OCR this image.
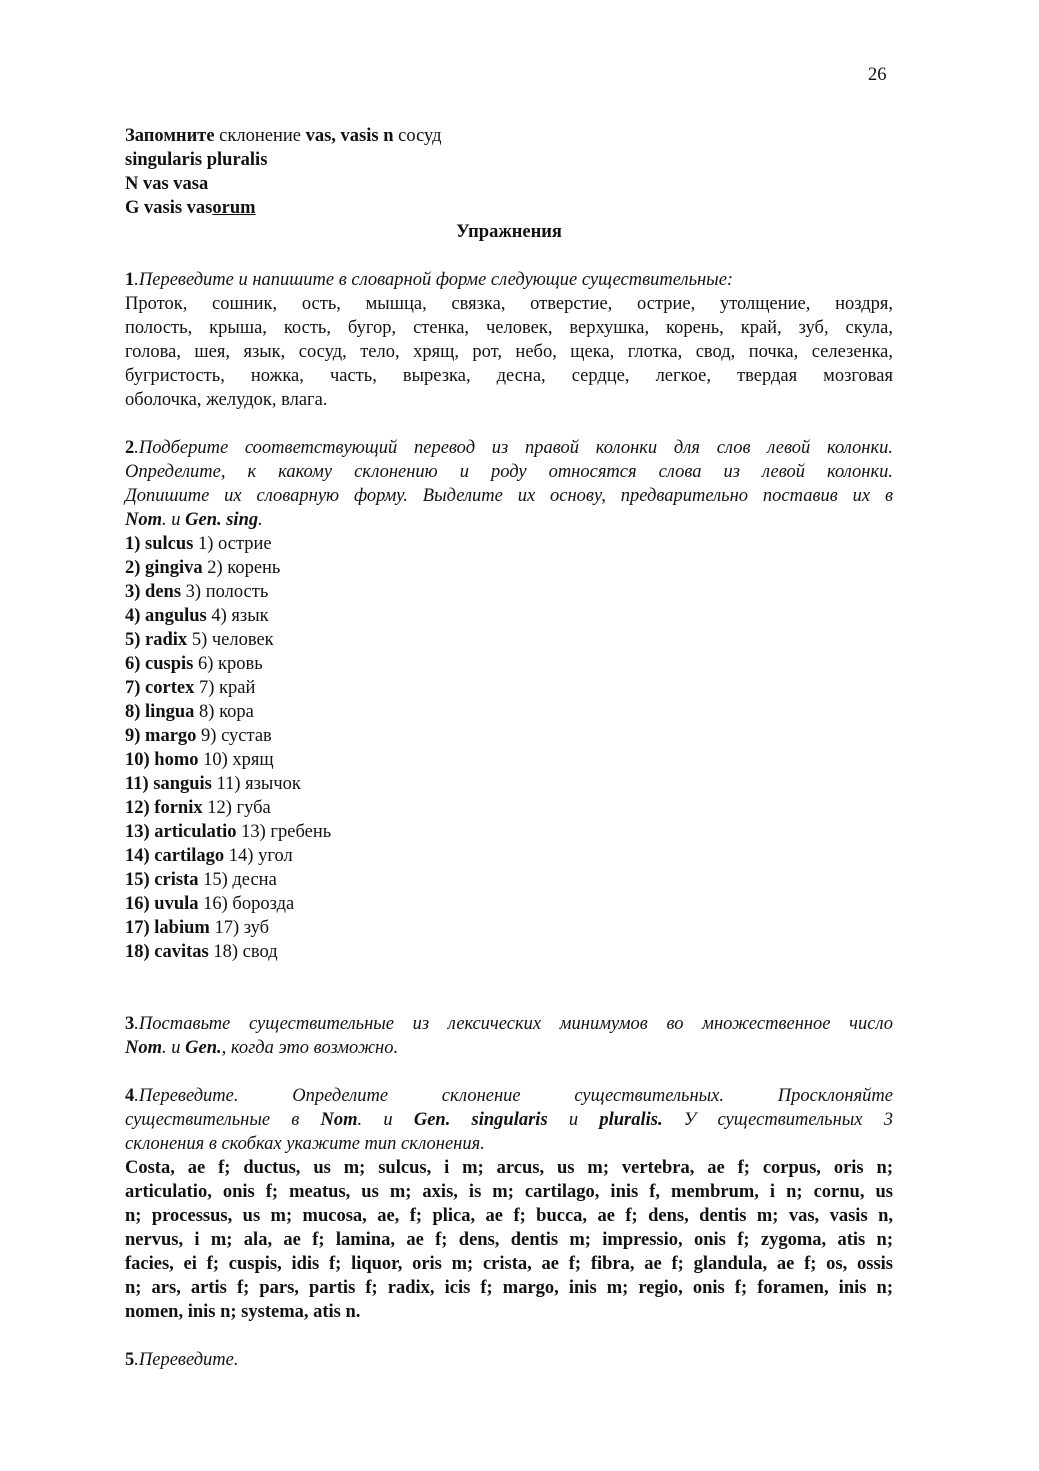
26

Запомните склонение vas, vasis n сосуд

singularis pluralis

N vas vasa

G vasis vasorum

Упражнения

1.Переведите и напишите в словарной форме следующие существительные:

Проток, сошник, ость, мышца, связка, отверстие, острие, утолщение, ноздря,

полость, крыша, кость, бугор, стенка, человек, верхушка, корень, край, зуб, скула,

голова, шея, язык, сосуд, тело, хрящ, рот, небо, щека, глотка, свод, почка, селезенка,

бугристость, ножка, часть, вырезка, десна, сердце, легкое, твердая мозговая

оболочка, желудок, влага.

2.Подберите соответствующий перевод из правой колонки для слов левой колонки.

Определите, к какому склонению и роду относятся слова из левой колонки.

Допишите их словарную форму. Выделите их основу, предварительно поставив их в

Nom. и Gen. sing.

1) sulcus 1) острие

2) gingiva 2) корень

3) dens 3) полость

4) angulus 4) язык

5) radix 5) человек

6) cuspis 6) кровь

7) cortex 7) край

8) lingua 8) кора

9) margo 9) сустав

10) homo 10) хрящ

11) sanguis 11) язычок

12) fornix 12) губа

13) articulatio 13) гребень

14) cartilago 14) угол

15) crista 15) десна

16) uvula 16) борозда

17) labium 17) зуб

18) cavitas 18) свод

3.Поставьте существительные из лексических минимумов во множественное число

Nom. и Gen., когда это возможно.

4.Переведите. Определите склонение существительных. Просклоняйте

существительные в Nom. и Gen. singularis и pluralis. У существительных 3

склонения в скобках укажите тип склонения.

Costa, ae f; ductus, us m; sulcus, i m; arcus, us m; vertebra, ae f; corpus, oris n;

articulatio, onis f; meatus, us m; axis, is m; cartilago, inis f, membrum, i n; cornu, us

n; processus, us m; mucosa, ae, f; plica, ae f; bucca, ae f; dens, dentis m; vas, vasis n,

nervus, i m; ala, ae f; lamina, ae f; dens, dentis m; impressio, onis f; zygoma, atis n;

facies, ei f; cuspis, idis f; liquor, oris m; crista, ae f; fibra, ae f; glandula, ae f; os, ossis

n; ars, artis f; pars, partis f; radix, icis f; margo, inis m; regio, onis f; foramen, inis n;

nomen, inis n; systema, atis n.

5.Переведите.
